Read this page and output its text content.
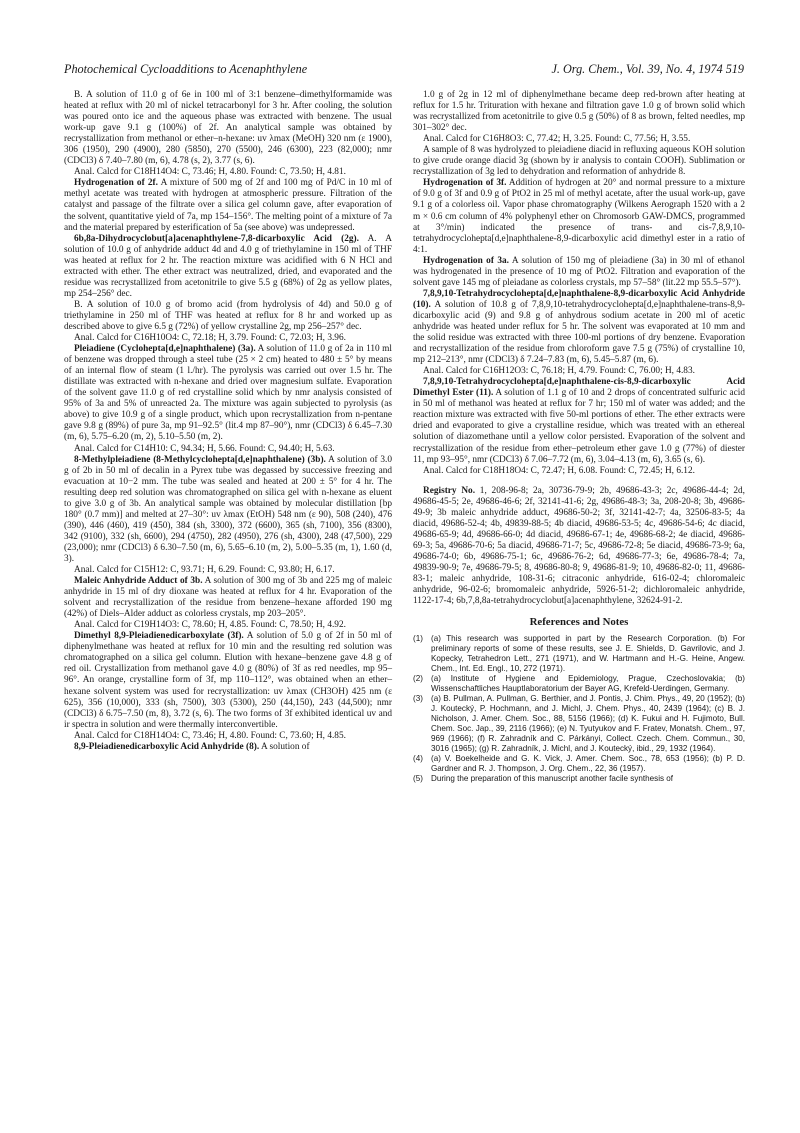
Photochemical Cycloadditions to Acenaphthylene	J. Org. Chem., Vol. 39, No. 4, 1974 519

B. A solution of 11.0 g of 6e in 100 ml of 3:1 benzene–dimethylformamide was heated at reflux with 20 ml of nickel tetracarbonyl for 3 hr. After cooling, the solution was poured onto ice and the aqueous phase was extracted with benzene. The usual work-up gave 9.1 g (100%) of 2f. An analytical sample was obtained by recrystallization from methanol or ether–n-hexane: uv λmax (MeOH) 320 nm (ε 1900), 306 (1950), 290 (4900), 280 (5850), 270 (5500), 246 (6300), 223 (82,000); nmr (CDCl3) δ 7.40–7.80 (m, 6), 4.78 (s, 2), 3.77 (s, 6).

Anal. Calcd for C18H14O4: C, 73.46; H, 4.80. Found: C, 73.50; H, 4.81.

Hydrogenation of 2f. A mixture of 500 mg of 2f and 100 mg of Pd/C in 10 ml of methyl acetate was treated with hydrogen at atmospheric pressure. Filtration of the catalyst and passage of the filtrate over a silica gel column gave, after evaporation of the solvent, quantitative yield of 7a, mp 154–156°. The melting point of a mixture of 7a and the material prepared by esterification of 5a (see above) was undepressed.

6b,8a-Dihydrocyclobut[a]acenaphthylene-7,8-dicarboxylic Acid (2g). A. A solution of 10.0 g of anhydride adduct 4d and 4.0 g of triethylamine in 150 ml of THF was heated at reflux for 2 hr. The reaction mixture was acidified with 6 N HCl and extracted with ether. The ether extract was neutralized, dried, and evaporated and the residue was recrystallized from acetonitrile to give 5.5 g (68%) of 2g as yellow plates, mp 254–256° dec.

B. A solution of 10.0 g of bromo acid (from hydrolysis of 4d) and 50.0 g of triethylamine in 250 ml of THF was heated at reflux for 8 hr and worked up as described above to give 6.5 g (72%) of yellow crystalline 2g, mp 256–257° dec.

Anal. Calcd for C16H10O4: C, 72.18; H, 3.79. Found: C, 72.03; H, 3.96.

Pleiadiene (Cyclohepta[d,e]naphthalene) (3a). A solution of 11.0 g of 2a in 110 ml of benzene was dropped through a steel tube (25 × 2 cm) heated to 480 ± 5° by means of an internal flow of steam (1 l./hr). The pyrolysis was carried out over 1.5 hr. The distillate was extracted with n-hexane and dried over magnesium sulfate. Evaporation of the solvent gave 11.0 g of red crystalline solid which by nmr analysis consisted of 95% of 3a and 5% of unreacted 2a. The mixture was again subjected to pyrolysis (as above) to give 10.9 g of a single product, which upon recrystallization from n-pentane gave 9.8 g (89%) of pure 3a, mp 91–92.5° (lit.4 mp 87–90°), nmr (CDCl3) δ 6.45–7.30 (m, 6), 5.75–6.20 (m, 2), 5.10–5.50 (m, 2).

Anal. Calcd for C14H10: C, 94.34; H, 5.66. Found: C, 94.40; H, 5.63.

8-Methylpleiadiene (8-Methylcyclohepta[d,e]naphthalene) (3b). A solution of 3.0 g of 2b in 50 ml of decalin in a Pyrex tube was degassed by successive freezing and evacuation at 10−2 mm. The tube was sealed and heated at 200 ± 5° for 4 hr. The resulting deep red solution was chromatographed on silica gel with n-hexane as eluent to give 3.0 g of 3b. An analytical sample was obtained by molecular distillation [bp 180° (0.7 mm)] and melted at 27–30°: uv λmax (EtOH) 548 nm (ε 90), 508 (240), 476 (390), 446 (460), 419 (450), 384 (sh, 3300), 372 (6600), 365 (sh, 7100), 356 (8300), 342 (9100), 332 (sh, 6600), 294 (4750), 282 (4950), 276 (sh, 4300), 248 (47,500), 229 (23,000); nmr (CDCl3) δ 6.30–7.50 (m, 6), 5.65–6.10 (m, 2), 5.00–5.35 (m, 1), 1.60 (d, 3).

Anal. Calcd for C15H12: C, 93.71; H, 6.29. Found: C, 93.80; H, 6.17.

Maleic Anhydride Adduct of 3b. A solution of 300 mg of 3b and 225 mg of maleic anhydride in 15 ml of dry dioxane was heated at reflux for 4 hr. Evaporation of the solvent and recrystallization of the residue from benzene–hexane afforded 190 mg (42%) of Diels–Alder adduct as colorless crystals, mp 203–205°.

Anal. Calcd for C19H14O3: C, 78.60; H, 4.85. Found: C, 78.50; H, 4.92.

Dimethyl 8,9-Pleiadienedicarboxylate (3f). A solution of 5.0 g of 2f in 50 ml of diphenylmethane was heated at reflux for 10 min and the resulting red solution was chromatographed on a silica gel column. Elution with hexane–benzene gave 4.8 g of red oil. Crystallization from methanol gave 4.0 g (80%) of 3f as red needles, mp 95–96°. An orange, crystalline form of 3f, mp 110–112°, was obtained when an ether–hexane solvent system was used for recrystallization: uv λmax (CH3OH) 425 nm (ε 625), 356 (10,000), 333 (sh, 7500), 303 (5300), 250 (44,150), 243 (44,500); nmr (CDCl3) δ 6.75–7.50 (m, 8), 3.72 (s, 6). The two forms of 3f exhibited identical uv and ir spectra in solution and were thermally interconvertible.

Anal. Calcd for C18H14O4: C, 73.46; H, 4.80. Found: C, 73.60; H, 4.85.

8,9-Pleiadienedicarboxylic Acid Anhydride (8). A solution of

1.0 g of 2g in 12 ml of diphenylmethane became deep red-brown after heating at reflux for 1.5 hr. Trituration with hexane and filtration gave 1.0 g of brown solid which was recrystallized from acetonitrile to give 0.5 g (50%) of 8 as brown, felted needles, mp 301–302° dec.

Anal. Calcd for C16H8O3: C, 77.42; H, 3.25. Found: C, 77.56; H, 3.55.

A sample of 8 was hydrolyzed to pleiadiene diacid in refluxing aqueous KOH solution to give crude orange diacid 3g (shown by ir analysis to contain COOH). Sublimation or recrystallization of 3g led to dehydration and reformation of anhydride 8.

Hydrogenation of 3f. Addition of hydrogen at 20° and normal pressure to a mixture of 9.0 g of 3f and 0.9 g of PtO2 in 25 ml of methyl acetate, after the usual work-up, gave 9.1 g of a colorless oil. Vapor phase chromatography (Wilkens Aerograph 1520 with a 2 m × 0.6 cm column of 4% polyphenyl ether on Chromosorb GAW-DMCS, programmed at 3°/min) indicated the presence of trans- and cis-7,8,9,10-tetrahydrocyclohepta[d,e]naphthalene-8,9-dicarboxylic acid dimethyl ester in a ratio of 4:1.

Hydrogenation of 3a. A solution of 150 mg of pleiadiene (3a) in 30 ml of ethanol was hydrogenated in the presence of 10 mg of PtO2. Filtration and evaporation of the solvent gave 145 mg of pleiadane as colorless crystals, mp 57–58° (lit.22 mp 55.5–57°).

7,8,9,10-Tetrahydrocyclohepta[d,e]naphthalene-8,9-dicarboxylic Acid Anhydride (10). A solution of 10.8 g of 7,8,9,10-tetrahydrocyclohepta[d,e]naphthalene-trans-8,9-dicarboxylic acid (9) and 9.8 g of anhydrous sodium acetate in 200 ml of acetic anhydride was heated under reflux for 5 hr. The solvent was evaporated at 10 mm and the solid residue was extracted with three 100-ml portions of dry benzene. Evaporation and recrystallization of the residue from chloroform gave 7.5 g (75%) of crystalline 10, mp 212–213°, nmr (CDCl3) δ 7.24–7.83 (m, 6), 5.45–5.87 (m, 6).

Anal. Calcd for C16H12O3: C, 76.18; H, 4.79. Found: C, 76.00; H, 4.83.

7,8,9,10-Tetrahydrocyclohepta[d,e]naphthalene-cis-8,9-dicarboxylic Acid Dimethyl Ester (11). A solution of 1.1 g of 10 and 2 drops of concentrated sulfuric acid in 50 ml of methanol was heated at reflux for 7 hr; 150 ml of water was added; and the reaction mixture was extracted with five 50-ml portions of ether. The ether extracts were dried and evaporated to give a crystalline residue, which was treated with an ethereal solution of diazomethane until a yellow color persisted. Evaporation of the solvent and recrystallization of the residue from ether–petroleum ether gave 1.0 g (77%) of diester 11, mp 93–95°, nmr (CDCl3) δ 7.06–7.72 (m, 6), 3.04–4.13 (m, 6), 3.65 (s, 6).

Anal. Calcd for C18H18O4: C, 72.47; H, 6.08. Found: C, 72.45; H, 6.12.

Registry No. 1, 208-96-8; 2a, 30736-79-9; 2b, 49686-43-3; 2c, 49686-44-4; 2d, 49686-45-5; 2e, 49686-46-6; 2f, 32141-41-6; 2g, 49686-48-3; 3a, 208-20-8; 3b, 49686-49-9; 3b maleic anhydride adduct, 49686-50-2; 3f, 32141-42-7; 4a, 32506-83-5; 4a diacid, 49686-52-4; 4b, 49839-88-5; 4b diacid, 49686-53-5; 4c, 49686-54-6; 4c diacid, 49686-65-9; 4d, 49686-66-0; 4d diacid, 49686-67-1; 4e, 49686-68-2; 4e diacid, 49686-69-3; 5a, 49686-70-6; 5a diacid, 49686-71-7; 5c, 49686-72-8; 5e diacid, 49686-73-9; 6a, 49686-74-0; 6b, 49686-75-1; 6c, 49686-76-2; 6d, 49686-77-3; 6e, 49686-78-4; 7a, 49839-90-9; 7e, 49686-79-5; 8, 49686-80-8; 9, 49686-81-9; 10, 49686-82-0; 11, 49686-83-1; maleic anhydride, 108-31-6; citraconic anhydride, 616-02-4; chloromaleic anhydride, 96-02-6; bromomaleic anhydride, 5926-51-2; dichloromaleic anhydride, 1122-17-4; 6b,7,8,8a-tetrahydrocyclobut[a]acenaphthylene, 32624-91-2.

References and Notes
(1) (a) This research was supported in part by the Research Corporation. (b) For preliminary reports of some of these results, see J. E. Shields, D. Gavrilovic, and J. Kopecky, Tetrahedron Lett., 271 (1971), and W. Hartmann and H.-G. Heine, Angew. Chem., Int. Ed. Engl., 10, 272 (1971).
(2) (a) Institute of Hygiene and Epidemiology, Prague, Czechoslovakia; (b) Wissenschaftliches Hauptlaboratorium der Bayer AG, Krefeld-Uerdingen, Germany.
(3) (a) B. Pullman, A. Pullman, G. Berthier, and J. Pontis, J. Chim. Phys., 49, 20 (1952); (b) J. Koutecký, P. Hochmann, and J. Michl, J. Chem. Phys., 40, 2439 (1964); (c) B. J. Nicholson, J. Amer. Chem. Soc., 88, 5156 (1966); (d) K. Fukui and H. Fujimoto, Bull. Chem. Soc. Jap., 39, 2116 (1966); (e) N. Tyutyukov and F. Fratev, Monatsh. Chem., 97, 969 (1966); (f) R. Zahradník and C. Párkányi, Collect. Czech. Chem. Commun., 30, 3016 (1965); (g) R. Zahradník, J. Michl, and J. Koutecký, ibid., 29, 1932 (1964).
(4) (a) V. Boekelheide and G. K. Vick, J. Amer. Chem. Soc., 78, 653 (1956); (b) P. D. Gardner and R. J. Thompson, J. Org. Chem., 22, 36 (1957).
(5) During the preparation of this manuscript another facile synthesis of
